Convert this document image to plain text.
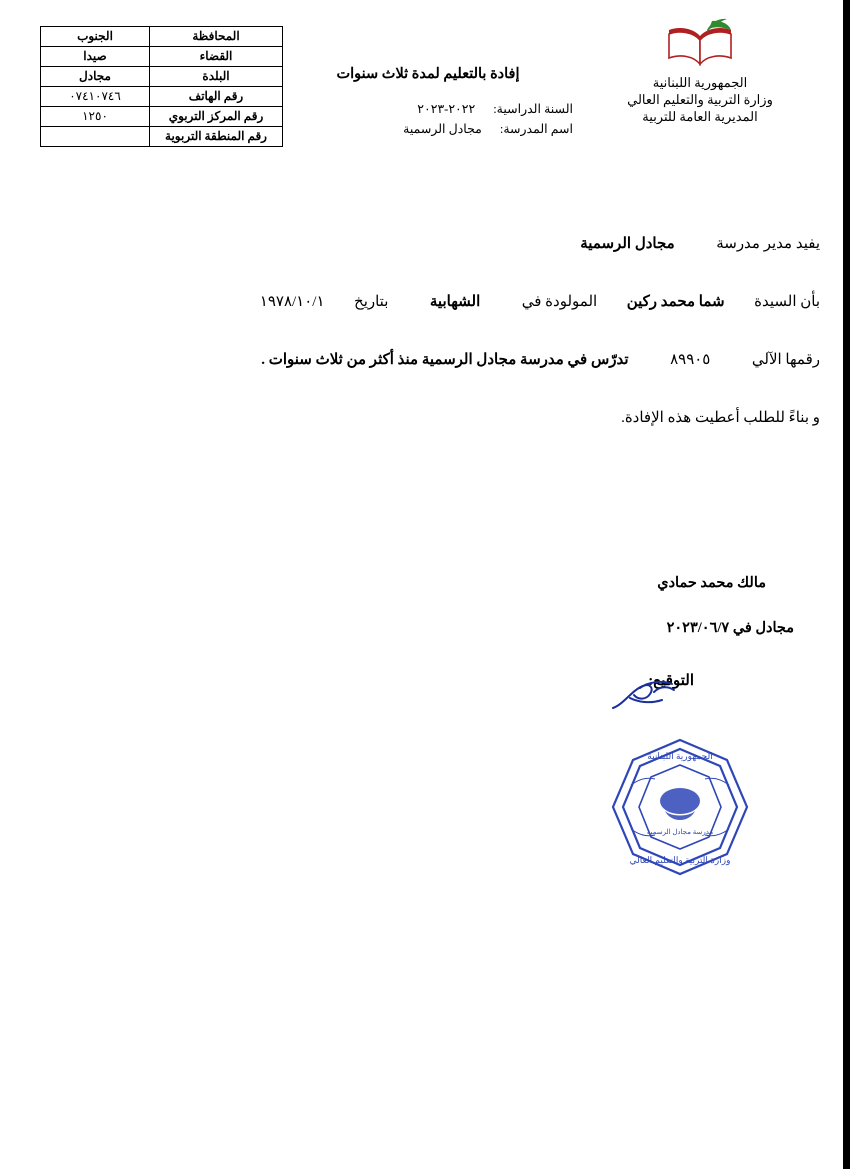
الجمهورية اللبنانية
وزارة التربية والتعليم العالي
المديرية العامة للتربية
إفادة بالتعليم لمدة ثلاث سنوات
السنة الدراسية:
٢٠٢٢-٢٠٢٣
اسم المدرسة:
مجادل الرسمية
المحافظة	الجنوب
القضاء	صيدا
البلدة	مجادل
رقم الهاتف	٠٧٤١٠٧٤٦
رقم المركز التربوي	١٢٥٠
رقم المنطقة التربوية	

يفيد مدير مدرسة  مجادل الرسمية

بأن السيدة  شما محمد ركين  المولودة في  الشهابية  بتاريخ  ١٩٧٨/١٠/١

رقمها الآلي  ٨٩٩٠٥  تدرّس في مدرسة مجادل الرسمية منذ أكثر من ثلاث سنوات .

و بناءً للطلب أعطيت هذه الإفادة.

مالك محمد حمادي
مجادل في ٢٠٢٣/٠٦/٧
التوقيع:
الجمهورية اللبنانية
وزارة التربية والتعليم العالي
مدرسة مجادل الرسمية
